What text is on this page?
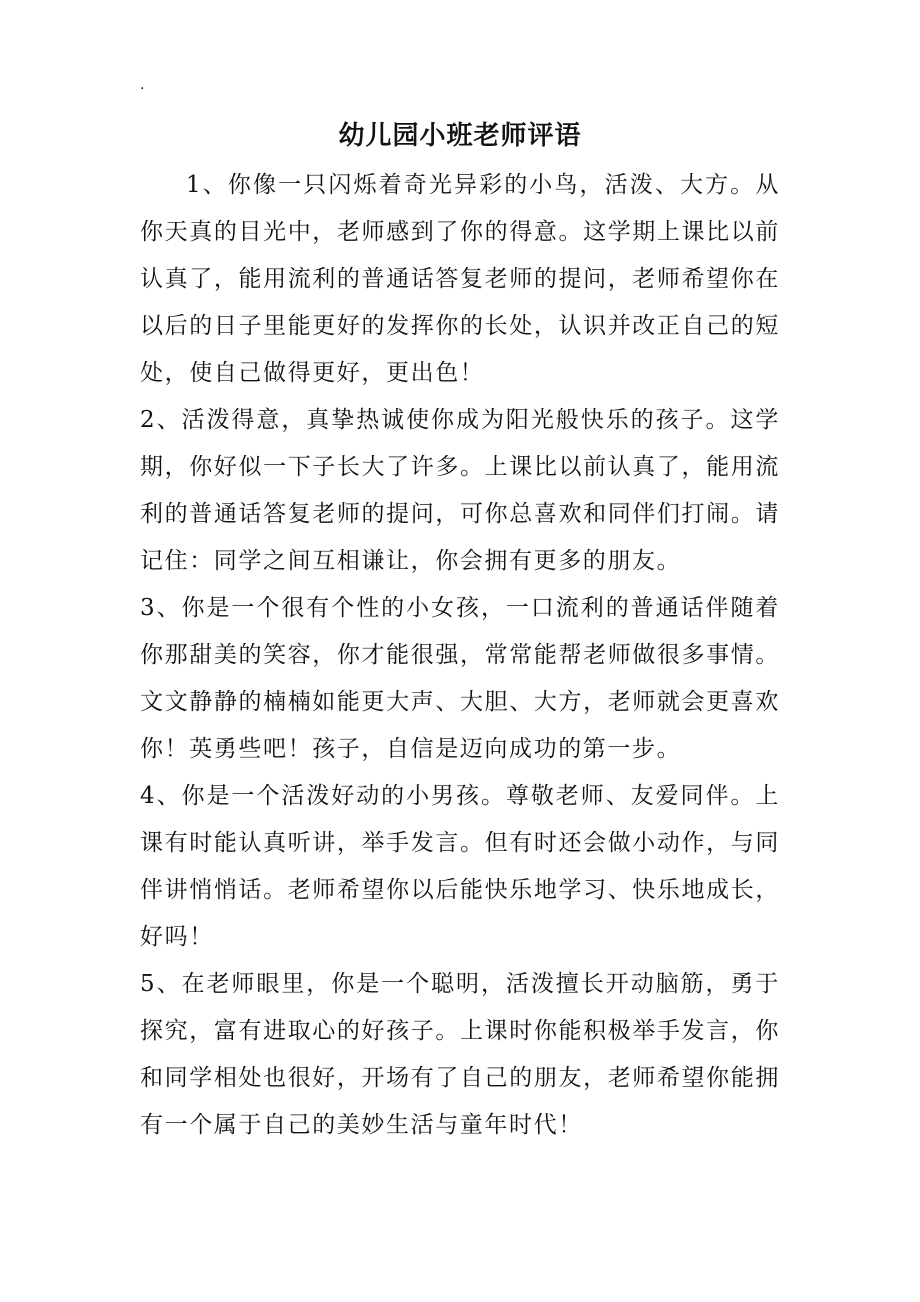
.
幼儿园小班老师评语

1、你像一只闪烁着奇光异彩的小鸟，活泼、大方。从你天真的目光中，老师感到了你的得意。这学期上课比以前认真了，能用流利的普通话答复老师的提问，老师希望你在以后的日子里能更好的发挥你的长处，认识并改正自己的短处，使自己做得更好，更出色！

2、活泼得意，真挚热诚使你成为阳光般快乐的孩子。这学期，你好似一下子长大了许多。上课比以前认真了，能用流利的普通话答复老师的提问，可你总喜欢和同伴们打闹。请记住：同学之间互相谦让，你会拥有更多的朋友。

3、你是一个很有个性的小女孩，一口流利的普通话伴随着你那甜美的笑容，你才能很强，常常能帮老师做很多事情。文文静静的楠楠如能更大声、大胆、大方，老师就会更喜欢你！英勇些吧！孩子，自信是迈向成功的第一步。

4、你是一个活泼好动的小男孩。尊敬老师、友爱同伴。上课有时能认真听讲，举手发言。但有时还会做小动作，与同伴讲悄悄话。老师希望你以后能快乐地学习、快乐地成长，好吗！

5、在老师眼里，你是一个聪明，活泼擅长开动脑筋，勇于探究，富有进取心的好孩子。上课时你能积极举手发言，你和同学相处也很好，开场有了自己的朋友，老师希望你能拥有一个属于自己的美妙生活与童年时代！
